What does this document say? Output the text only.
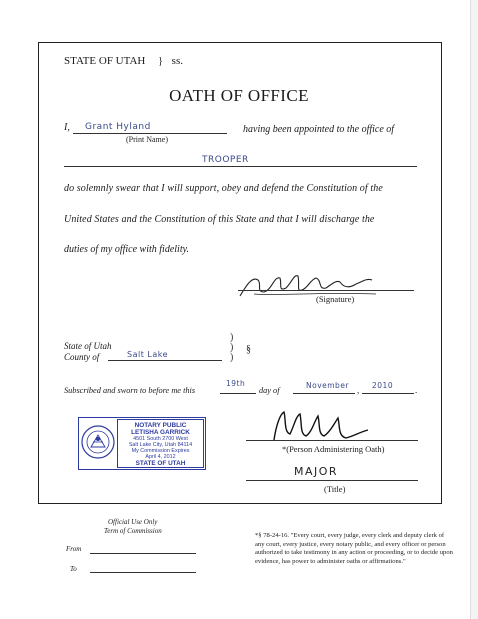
STATE OF UTAH } ss.
OATH OF OFFICE
I, Grant Hyland	having been appointed to the office of
(Print Name)
TROOPER
do solemnly swear that I will support, obey and defend the Constitution of the
United States and the Constitution of this State and that I will discharge the
duties of my office with fidelity.
(Signature)
State of Utah
County of	Salt Lake
)
)
)
§
Subscribed and sworn to before me this
19th
day of
November , 2010 .
NOTARY PUBLIC
LETISHA GARRICK
4501 South 2700 West
Salt Lake City, Utah 84114
My Commission Expires
April 4, 2012
STATE OF UTAH
*(Person Administering Oath)
MAJOR
(Title)
Official Use Only
Term of Commission
From
To
*§ 78-24-16. "Every court, every judge, every clerk and deputy clerk of any court, every justice, every notary public, and every officer or person authorized to take testimony in any action or proceeding, or to decide upon evidence, has power to administer oaths or affirmations."
